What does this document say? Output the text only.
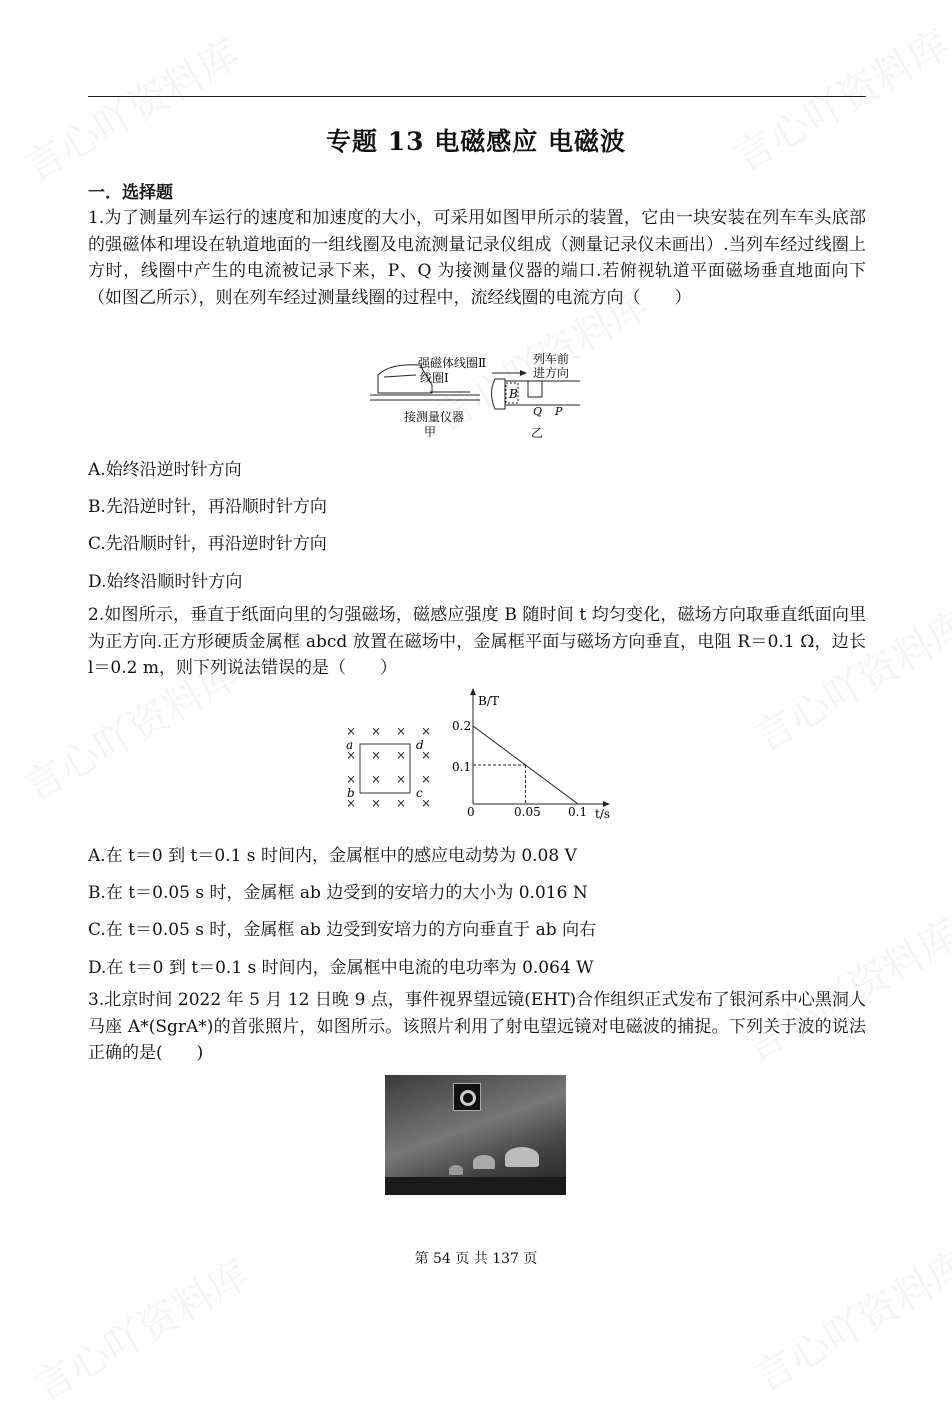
专题 13 电磁感应 电磁波
一．选择题
1.为了测量列车运行的速度和加速度的大小，可采用如图甲所示的装置，它由一块安装在列车车头底部的强磁体和埋设在轨道地面的一组线圈及电流测量记录仪组成（测量记录仪未画出）.当列车经过线圈上方时，线圈中产生的电流被记录下来，P、Q 为接测量仪器的端口.若俯视轨道平面磁场垂直地面向下（如图乙所示），则在列车经过测量线圈的过程中，流经线圈的电流方向（　　）
强磁体 线圈Ⅱ
线圈Ⅰ
接测量仪器
甲
列车前
进方向
B
Q P
乙
A.始终沿逆时针方向
B.先沿逆时针，再沿顺时针方向
C.先沿顺时针，再沿逆时针方向
D.始终沿顺时针方向
2.如图所示，垂直于纸面向里的匀强磁场，磁感应强度 B 随时间 t 均匀变化，磁场方向取垂直纸面向里为正方向.正方形硬质金属框 abcd 放置在磁场中，金属框平面与磁场方向垂直，电阻 R＝0.1 Ω，边长 l＝0.2 m，则下列说法错误的是（　　）
×
×
×
×
×
×
×
×
×
×
×
×
×
×
×
×
a
b	c
d
B/T
t/s
0.2
0.1
0	0.05 0.1
A.在 t＝0 到 t＝0.1 s 时间内，金属框中的感应电动势为 0.08 V
B.在 t＝0.05 s 时，金属框 ab 边受到的安培力的大小为 0.016 N
C.在 t＝0.05 s 时，金属框 ab 边受到安培力的方向垂直于 ab 向右
D.在 t＝0 到 t＝0.1 s 时间内，金属框中电流的电功率为 0.064 W
3.北京时间 2022 年 5 月 12 日晚 9 点，事件视界望远镜(EHT)合作组织正式发布了银河系中心黑洞人马座 A*(SgrA*)的首张照片，如图所示。该照片利用了射电望远镜对电磁波的捕捉。下列关于波的说法正确的是(　　)
第 54 页 共 137 页
